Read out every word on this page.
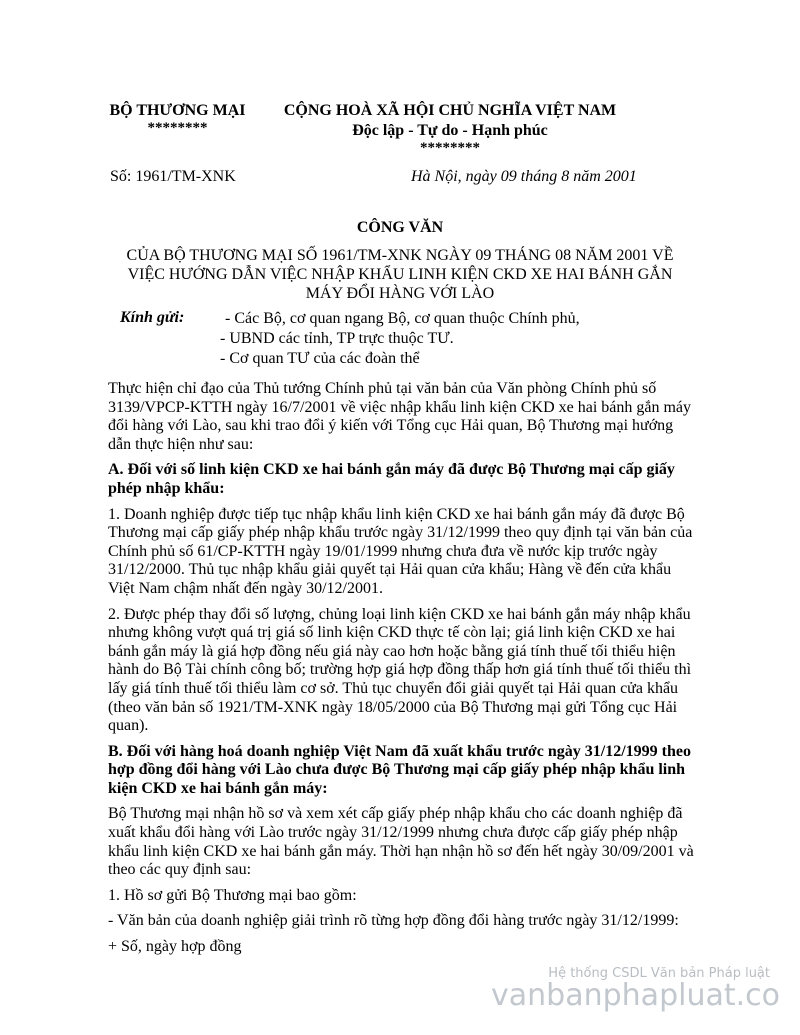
BỘ THƯƠNG MẠI
********
CỘNG HOÀ XÃ HỘI CHỦ NGHĨA VIỆT NAM
Độc lập - Tự do - Hạnh phúc
********
Số: 1961/TM-XNK	Hà Nội, ngày 09 tháng 8 năm 2001
CÔNG VĂN
CỦA BỘ THƯƠNG MẠI SỐ 1961/TM-XNK NGÀY 09 THÁNG 08 NĂM 2001 VỀ VIỆC HƯỚNG DẪN VIỆC NHẬP KHẨU LINH KIỆN CKD XE HAI BÁNH GẮN MÁY ĐỔI HÀNG VỚI LÀO
Kính gửi:	- Các Bộ, cơ quan ngang Bộ, cơ quan thuộc Chính phủ,
- UBND các tỉnh, TP trực thuộc TƯ.
- Cơ quan TƯ của các đoàn thể

Thực hiện chỉ đạo của Thủ tướng Chính phủ tại văn bản của Văn phòng Chính phủ số 3139/VPCP-KTTH ngày 16/7/2001 về việc nhập khẩu linh kiện CKD xe hai bánh gắn máy đổi hàng với Lào, sau khi trao đổi ý kiến với Tổng cục Hải quan, Bộ Thương mại hướng dẫn thực hiện như sau:

A. Đối với số linh kiện CKD xe hai bánh gắn máy đã được Bộ Thương mại cấp giấy phép nhập khẩu:

1. Doanh nghiệp được tiếp tục nhập khẩu linh kiện CKD xe hai bánh gắn máy đã được Bộ Thương mại cấp giấy phép nhập khẩu trước ngày 31/12/1999 theo quy định tại văn bản của Chính phủ số 61/CP-KTTH ngày 19/01/1999 nhưng chưa đưa về nước kịp trước ngày 31/12/2000. Thủ tục nhập khẩu giải quyết tại Hải quan cửa khẩu; Hàng về đến cửa khẩu Việt Nam chậm nhất đến ngày 30/12/2001.

2. Được phép thay đổi số lượng, chủng loại linh kiện CKD xe hai bánh gắn máy nhập khẩu nhưng không vượt quá trị giá số linh kiện CKD thực tế còn lại; giá linh kiện CKD xe hai bánh gắn máy là giá hợp đồng nếu giá này cao hơn hoặc bằng giá tính thuế tối thiểu hiện hành do Bộ Tài chính công bố; trường hợp giá hợp đồng thấp hơn giá tính thuế tối thiểu thì lấy giá tính thuế tối thiểu làm cơ sở. Thủ tục chuyển đổi giải quyết tại Hải quan cửa khẩu (theo văn bản số 1921/TM-XNK ngày 18/05/2000 của Bộ Thương mại gửi Tổng cục Hải quan).

B. Đối với hàng hoá doanh nghiệp Việt Nam đã xuất khẩu trước ngày 31/12/1999 theo hợp đồng đổi hàng với Lào chưa được Bộ Thương mại cấp giấy phép nhập khẩu linh kiện CKD xe hai bánh gắn máy:

Bộ Thương mại nhận hồ sơ và xem xét cấp giấy phép nhập khẩu cho các doanh nghiệp đã xuất khẩu đổi hàng với Lào trước ngày 31/12/1999 nhưng chưa được cấp giấy phép nhập khẩu linh kiện CKD xe hai bánh gắn máy. Thời hạn nhận hồ sơ đến hết ngày 30/09/2001 và theo các quy định sau:

1. Hồ sơ gửi Bộ Thương mại bao gồm:

- Văn bản của doanh nghiệp giải trình rõ từng hợp đồng đổi hàng trước ngày 31/12/1999:

+ Số, ngày hợp đồng

Hệ thống CSDL Văn bản Pháp luật
vanbanphapluat.co
